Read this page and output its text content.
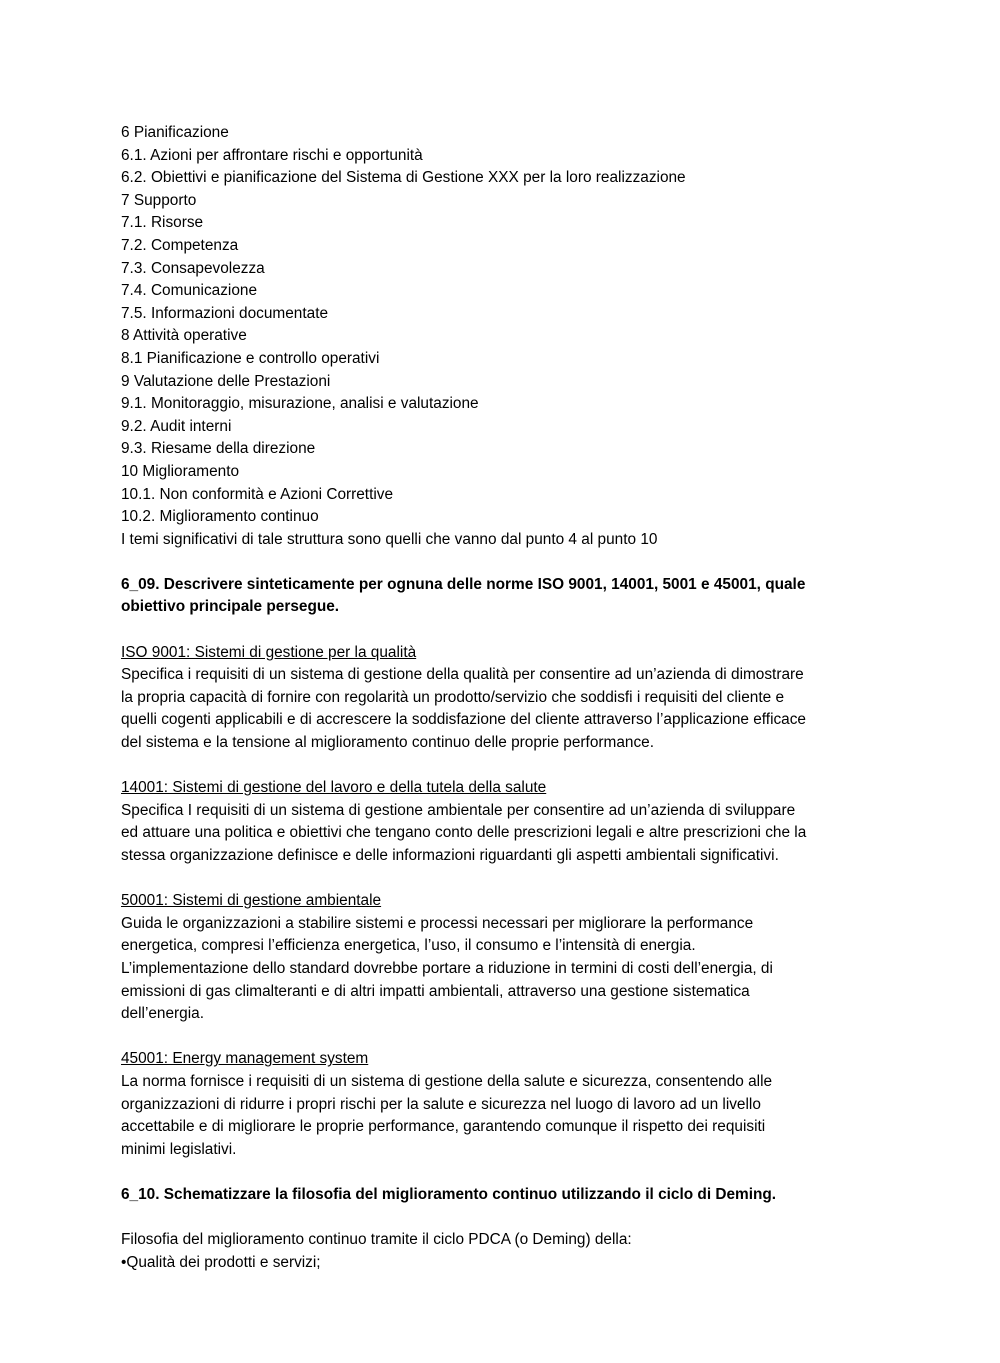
6 Pianificazione
6.1. Azioni per affrontare rischi e opportunità
6.2. Obiettivi e pianificazione del Sistema di Gestione XXX per la loro realizzazione
7 Supporto
7.1. Risorse
7.2. Competenza
7.3. Consapevolezza
7.4. Comunicazione
7.5. Informazioni documentate
8 Attività operative
8.1 Pianificazione e controllo operativi
9 Valutazione delle Prestazioni
9.1. Monitoraggio, misurazione, analisi e valutazione
9.2. Audit interni
9.3. Riesame della direzione
10 Miglioramento
10.1. Non conformità e Azioni Correttive
10.2. Miglioramento continuo
I temi significativi di tale struttura sono quelli che vanno dal punto 4 al punto 10
6_09. Descrivere sinteticamente per ognuna delle norme ISO 9001, 14001, 5001 e 45001, quale
obiettivo principale persegue.
ISO 9001: Sistemi di gestione per la qualità
Specifica i requisiti di un sistema di gestione della qualità per consentire ad un’azienda di dimostrare
la propria capacità di fornire con regolarità un prodotto/servizio che soddisfi i requisiti del cliente e
quelli cogenti applicabili e di accrescere la soddisfazione del cliente attraverso l’applicazione efficace
del sistema e la tensione al miglioramento continuo delle proprie performance.
14001: Sistemi di gestione del lavoro e della tutela della salute
Specifica I requisiti di un sistema di gestione ambientale per consentire ad un’azienda di sviluppare
ed attuare una politica e obiettivi che tengano conto delle prescrizioni legali e altre prescrizioni che la
stessa organizzazione definisce e delle informazioni riguardanti gli aspetti ambientali significativi.
50001: Sistemi di gestione ambientale
Guida le organizzazioni a stabilire sistemi e processi necessari per migliorare la performance
energetica, compresi l’efficienza energetica, l’uso, il consumo e l’intensità di energia.
L’implementazione dello standard dovrebbe portare a riduzione in termini di costi dell’energia, di
emissioni di gas climalteranti e di altri impatti ambientali, attraverso una gestione sistematica
dell’energia.
45001: Energy management system
La norma fornisce i requisiti di un sistema di gestione della salute e sicurezza, consentendo alle
organizzazioni di ridurre i propri rischi per la salute e sicurezza nel luogo di lavoro ad un livello
accettabile e di migliorare le proprie performance, garantendo comunque il rispetto dei requisiti
minimi legislativi.
6_10. Schematizzare la filosofia del miglioramento continuo utilizzando il ciclo di Deming.
Filosofia del miglioramento continuo tramite il ciclo PDCA (o Deming) della:
•Qualità dei prodotti e servizi;
